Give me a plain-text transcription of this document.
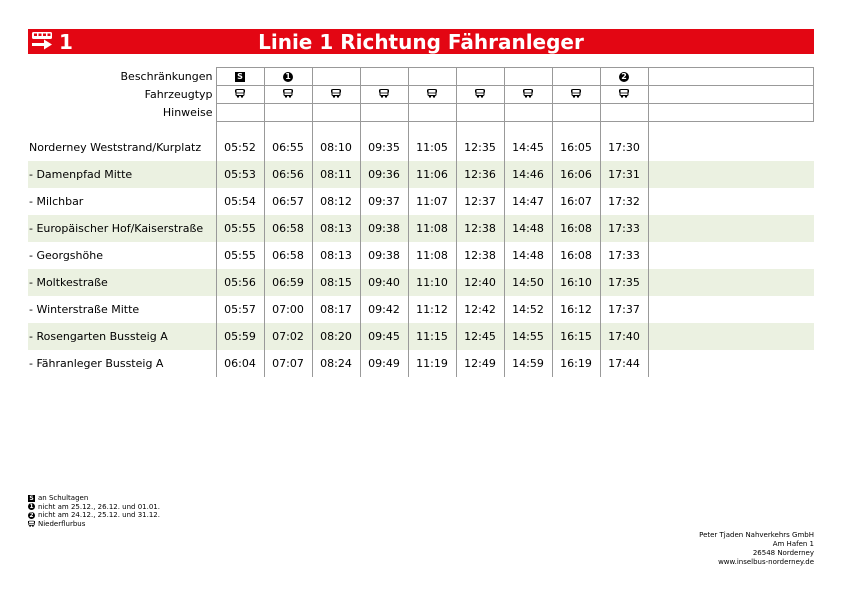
1	Linie 1 Richtung Fähranleger
Beschränkungen	S	1							2	
Fahrzeugtyp										
Hinweise										

Norderney Weststrand/Kurplatz	05:52	06:55	08:10	09:35	11:05	12:35	14:45	16:05	17:30	
- Damenpfad Mitte	05:53	06:56	08:11	09:36	11:06	12:36	14:46	16:06	17:31	
- Milchbar	05:54	06:57	08:12	09:37	11:07	12:37	14:47	16:07	17:32	
- Europäischer Hof/Kaiserstraße	05:55	06:58	08:13	09:38	11:08	12:38	14:48	16:08	17:33	
- Georgshöhe	05:55	06:58	08:13	09:38	11:08	12:38	14:48	16:08	17:33	
- Moltkestraße	05:56	06:59	08:15	09:40	11:10	12:40	14:50	16:10	17:35	
- Winterstraße Mitte	05:57	07:00	08:17	09:42	11:12	12:42	14:52	16:12	17:37	
- Rosengarten Bussteig A	05:59	07:02	08:20	09:45	11:15	12:45	14:55	16:15	17:40	
- Fähranleger Bussteig A	06:04	07:07	08:24	09:49	11:19	12:49	14:59	16:19	17:44	
S an Schultagen
1 nicht am 25.12., 26.12. und 01.01.
2 nicht am 24.12., 25.12. und 31.12.
Niederflurbus
Peter Tjaden Nahverkehrs GmbH
Am Hafen 1
26548 Norderney
www.inselbus-norderney.de
